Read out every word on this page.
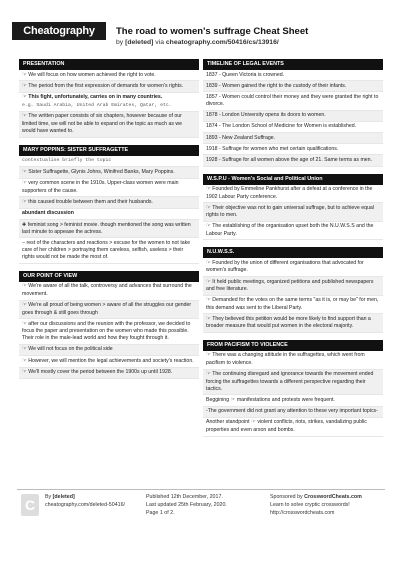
Cheatography	The road to women's suffrage Cheat Sheet
by [deleted] via cheatography.com/50416/cs/13916/
PRESENTATION
☞ We will focus on how women achieved the right to vote.
☞ The period from the first expression of demands for women's rights.
☞ This fight, unfortunately, carries on in many countries.
e.g. Saudi Arabia, United Arab Emirates, Qatar, etc.
☞ The written paper consists of six chapters, however because of our limited time, we will not be able to expand on the topic as much as we would have wanted to.
MARY POPPINS: SISTER SUFFRAGETTE
contextualise briefly the topic
☞ Sister Suffragette, Glynis Johns, Winifred Banks, Mary Poppins.
☞ very common scene in the 1910s. Upper-class women were main supporters of the cause.
☞ this caused trouble between them and their husbands.
abundant discussion
✚ feminist song > feminist movie. though mentioned the song was written last minute to appease the actress.
− rest of the characters and reactions > excuse for the women to not take care of her children > portraying them careless, selfish, useless > their rights would not be made the most of.
OUR POINT OF VIEW
☞ We're aware of all the talk, controversy and advances that surround the movement.
☞ We're all proud of being women > aware of all the struggles our gender goes through & still goes through
☞ after our discussions and the reunion with the professor, we decided to focus the paper and presentation on the women who made this possible. Their role in the male-lead world and how they fought through it.
☞ We will not focus on the political side
☞ However, we will mention the legal achievements and society's reaction.
☞ We'll mostly cover the period between the 1900s up until 1928.
TIMELINE OF LEGAL EVENTS
1837 - Queen Victoria is crowned.
1839 - Women gained the right to the custody of their infants.
1857 - Women could control their money and they were granted the right to divorce.
1878 - London University opens its doors to women.
1874 - The London School of Medicine for Women is established.
1893 - New Zealand Suffrage.
1918 - Suffrage for women who met certain qualifications.
1928 - Suffrage for all women above the age of 21. Same terms as men.
W.S.P.U - Women's Social and Political Union
☞ Founded by Emmeline Pankhurst after a defeat at a conference in the 1902 Labour Party conference.
☞ Their objective was not to gain universal suffrage, but to achieve equal rights to men.
☞ The establishing of the organisation upset both the N.U.W.S.S and the Labour Party.
N.U.W.S.S.
☞ Founded by the union of different organisations that advocated for women's suffrage.
☞ It held public meetings, organized petitions and published newspapers and free literature.
☞ Demanded for the votes on the same terms "as it is, or may be" for men, this demand was sent to the Liberal Party.
☞ They believed this petition would be more likely to find support than a broader measure that would put women in the electoral majority.
FROM PACIFISM TO VIOLENCE
☞ There was a changing attitude in the suffragettes, which went from pacifism to violence.
☞ The continuing disregard and ignorance towards the movement ended forcing the suffragettes towards a different perspective regarding their tactics.
Beggining ☞ manifestations and protests were frequent.
-The government did not grant any attention to these very important topics-
Another standpoint ☞ violent conflicts, riots, strikes, vandalizing public properties and even arson and bombs.
C	By [deleted]
cheatography.com/deleted-50416/
Published 12th December, 2017.
Last updated 25th February, 2020.
Page 1 of 2.
Sponsored by CrosswordCheats.com
Learn to solve cryptic crosswords!
http://crosswordcheats.com
